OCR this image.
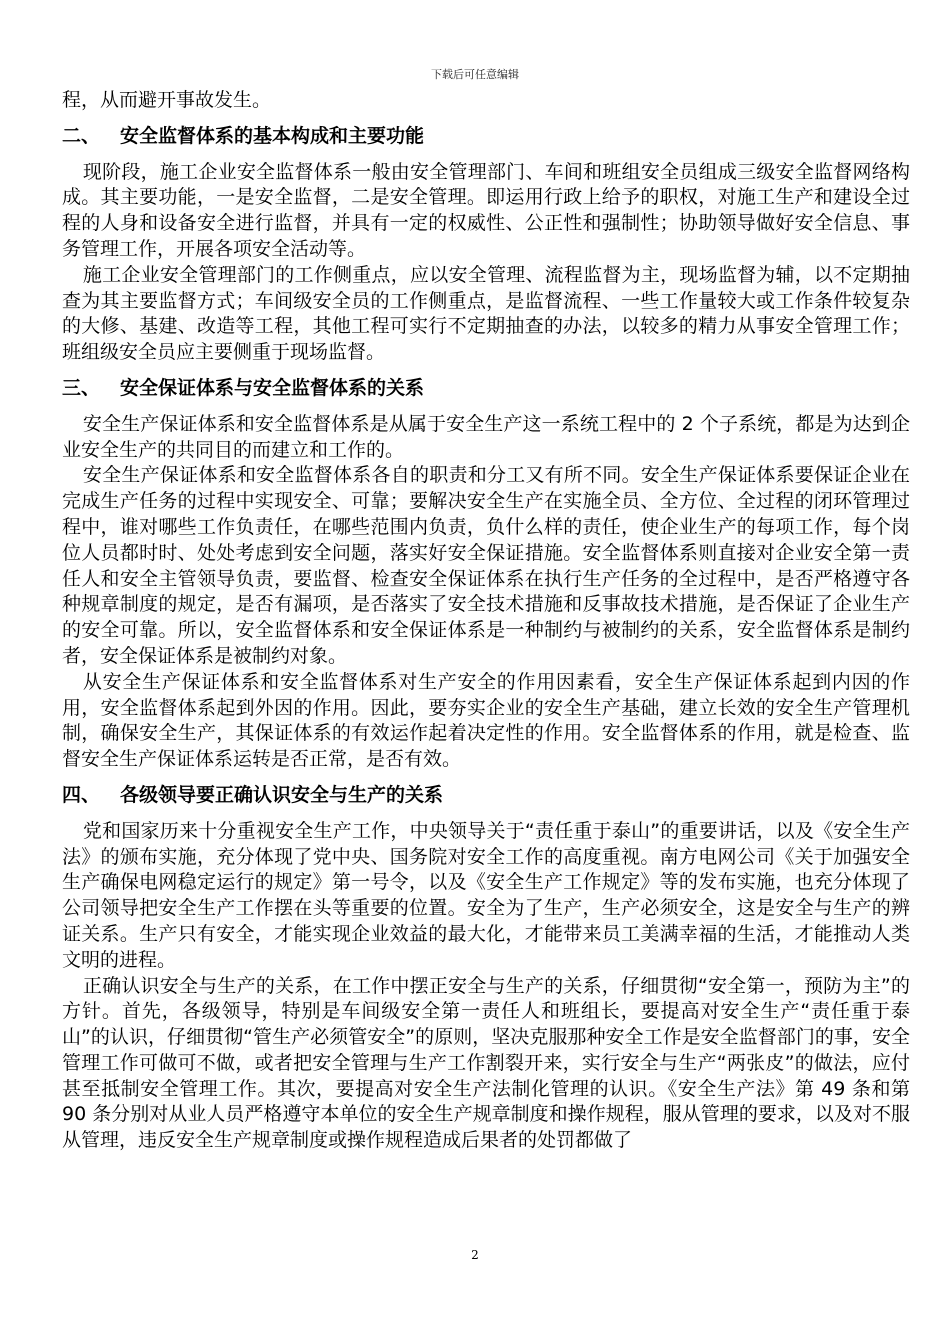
下载后可任意编辑

程，从而避开事故发生。

二、 安全监督体系的基本构成和主要功能

现阶段，施工企业安全监督体系一般由安全管理部门、车间和班组安全员组成三级安全监督网络构成。其主要功能，一是安全监督，二是安全管理。即运用行政上给予的职权，对施工生产和建设全过程的人身和设备安全进行监督，并具有一定的权威性、公正性和强制性；协助领导做好安全信息、事务管理工作，开展各项安全活动等。

施工企业安全管理部门的工作侧重点，应以安全管理、流程监督为主，现场监督为辅，以不定期抽查为其主要监督方式；车间级安全员的工作侧重点，是监督流程、一些工作量较大或工作条件较复杂的大修、基建、改造等工程，其他工程可实行不定期抽查的办法，以较多的精力从事安全管理工作；班组级安全员应主要侧重于现场监督。

三、 安全保证体系与安全监督体系的关系

安全生产保证体系和安全监督体系是从属于安全生产这一系统工程中的 2 个子系统，都是为达到企业安全生产的共同目的而建立和工作的。

安全生产保证体系和安全监督体系各自的职责和分工又有所不同。安全生产保证体系要保证企业在完成生产任务的过程中实现安全、可靠；要解决安全生产在实施全员、全方位、全过程的闭环管理过程中，谁对哪些工作负责任，在哪些范围内负责，负什么样的责任，使企业生产的每项工作，每个岗位人员都时时、处处考虑到安全问题，落实好安全保证措施。安全监督体系则直接对企业安全第一责任人和安全主管领导负责，要监督、检查安全保证体系在执行生产任务的全过程中，是否严格遵守各种规章制度的规定，是否有漏项，是否落实了安全技术措施和反事故技术措施，是否保证了企业生产的安全可靠。所以，安全监督体系和安全保证体系是一种制约与被制约的关系，安全监督体系是制约者，安全保证体系是被制约对象。

从安全生产保证体系和安全监督体系对生产安全的作用因素看，安全生产保证体系起到内因的作用，安全监督体系起到外因的作用。因此，要夯实企业的安全生产基础，建立长效的安全生产管理机制，确保安全生产，其保证体系的有效运作起着决定性的作用。安全监督体系的作用，就是检查、监督安全生产保证体系运转是否正常，是否有效。

四、 各级领导要正确认识安全与生产的关系

党和国家历来十分重视安全生产工作，中央领导关于“责任重于泰山”的重要讲话，以及《安全生产法》的颁布实施，充分体现了党中央、国务院对安全工作的高度重视。南方电网公司《关于加强安全生产确保电网稳定运行的规定》第一号令，以及《安全生产工作规定》等的发布实施，也充分体现了公司领导把安全生产工作摆在头等重要的位置。安全为了生产，生产必须安全，这是安全与生产的辨证关系。生产只有安全，才能实现企业效益的最大化，才能带来员工美满幸福的生活，才能推动人类文明的进程。

正确认识安全与生产的关系，在工作中摆正安全与生产的关系，仔细贯彻“安全第一，预防为主”的方针。首先，各级领导，特别是车间级安全第一责任人和班组长，要提高对安全生产“责任重于泰山”的认识，仔细贯彻“管生产必须管安全”的原则，坚决克服那种安全工作是安全监督部门的事，安全管理工作可做可不做，或者把安全管理与生产工作割裂开来，实行安全与生产“两张皮”的做法，应付甚至抵制安全管理工作。其次，要提高对安全生产法制化管理的认识。《安全生产法》第 49 条和第 90 条分别对从业人员严格遵守本单位的安全生产规章制度和操作规程，服从管理的要求，以及对不服从管理，违反安全生产规章制度或操作规程造成后果者的处罚都做了

2
